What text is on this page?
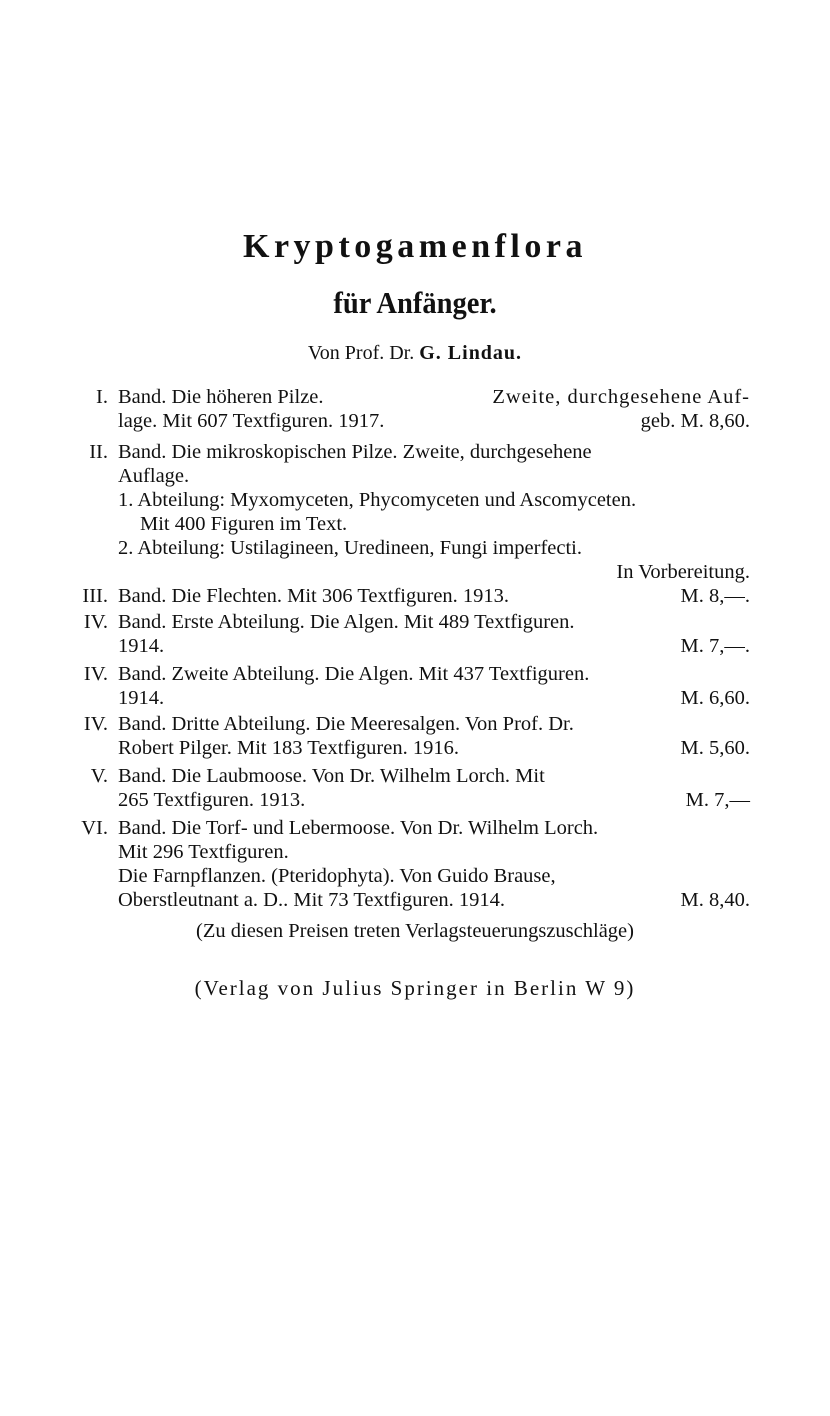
Kryptogamenflora
für Anfänger.
Von Prof. Dr. G. Lindau.
I. Band. Die höheren Pilze.	Zweite, durchgesehene Auf-
lage. Mit 607 Textfiguren. 1917.	geb. M. 8,60.
II. Band. Die mikroskopischen Pilze. Zweite, durchgesehene
Auflage.
1. Abteilung: Myxomyceten, Phycomyceten und Ascomyceten.
Mit 400 Figuren im Text.
2. Abteilung: Ustilagineen, Uredineen, Fungi imperfecti.
In Vorbereitung.
III. Band. Die Flechten. Mit 306 Textfiguren. 1913.	M. 8,—.
IV. Band. Erste Abteilung. Die Algen. Mit 489 Textfiguren.
1914.	M. 7,—.
IV. Band. Zweite Abteilung. Die Algen. Mit 437 Textfiguren.
1914.	M. 6,60.
IV. Band. Dritte Abteilung. Die Meeresalgen. Von Prof. Dr.
Robert Pilger. Mit 183 Textfiguren. 1916.	M. 5,60.
V. Band. Die Laubmoose. Von Dr. Wilhelm Lorch. Mit
265 Textfiguren. 1913.	M. 7,—
VI. Band. Die Torf- und Lebermoose. Von Dr. Wilhelm Lorch.
Mit 296 Textfiguren.
Die Farnpflanzen. (Pteridophyta). Von Guido Brause,
Oberstleutnant a. D.. Mit 73 Textfiguren. 1914.	M. 8,40.
(Zu diesen Preisen treten Verlagsteuerungszuschläge)
(Verlag von Julius Springer in Berlin W 9)
